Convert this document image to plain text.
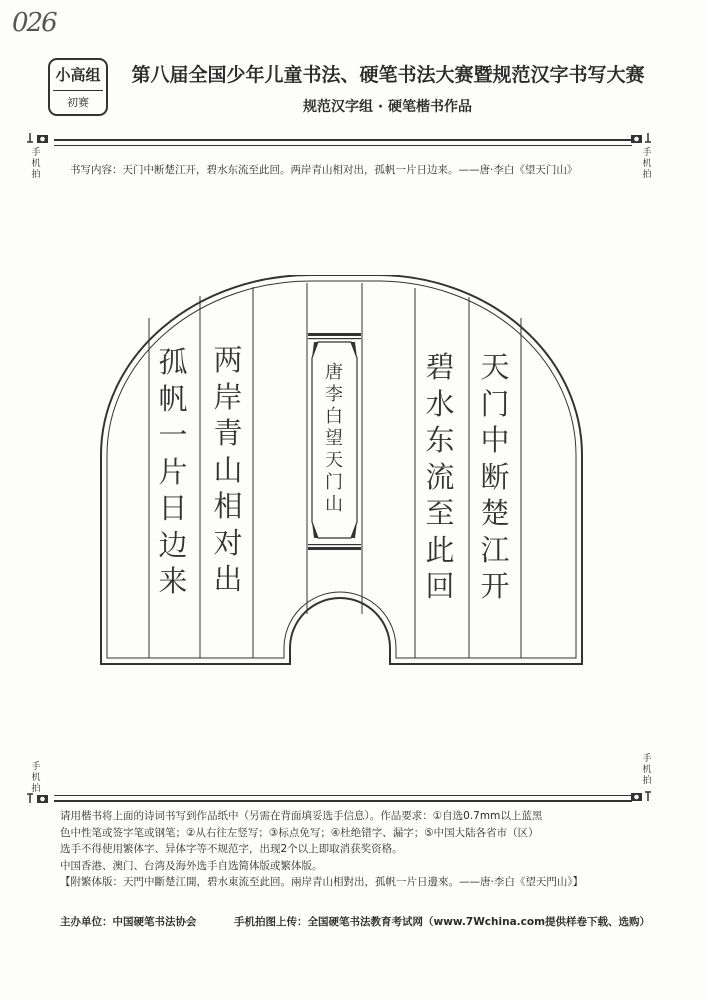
026
小高组
初赛
第八届全国少年儿童书法、硬笔书法大赛暨规范汉字书写大赛
规范汉字组 · 硬笔楷书作品
手机拍
手机拍
书写内容：天门中断楚江开，碧水东流至此回。两岸青山相对出，孤帆一片日边来。——唐·李白《望天门山》
天
门
中
断
楚
江
开
碧
水
东
流
至
此
回
两
岸
青
山
相
对
出
孤
帆
一
片
日
边
来
唐
李
白
望
天
门
山
手机拍
手机拍

请用楷书将上面的诗词书写到作品纸中（另需在背面填妥选手信息）。作品要求：①自选0.7mm以上蓝黑

色中性笔或签字笔或钢笔；②从右往左竖写；③标点免写；④杜绝错字、漏字；⑤中国大陆各省市（区）

选手不得使用繁体字、异体字等不规范字，出现2个以上即取消获奖资格。

中国香港、澳门、台湾及海外选手自选简体版或繁体版。

【附繁体版：天門中斷楚江開，碧水東流至此回。兩岸青山相對出，孤帆一片日邊來。——唐·李白《望天門山》】

主办单位：中国硬笔书法协会	手机拍图上传：全国硬笔书法教育考试网（www.7Wchina.com提供样卷下载、选购）
